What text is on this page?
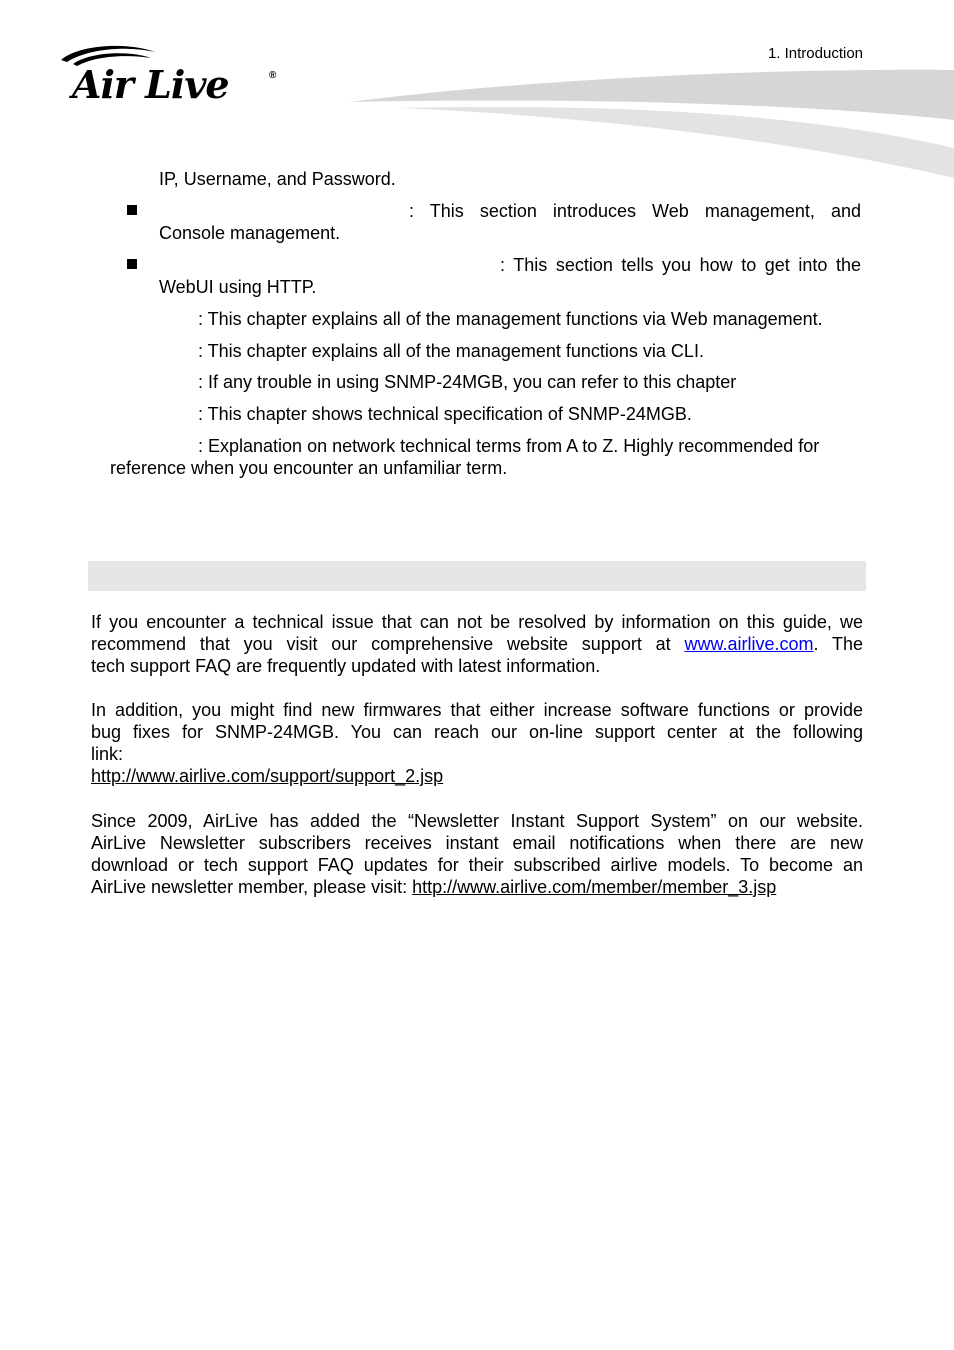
1. Introduction
Air Live	®
IP, Username, and Password.
: This section introduces Web management, and
Console management.
: This section tells you how to get into the
WebUI using HTTP.
: This chapter explains all of the management functions via Web management.
: This chapter explains all of the management functions via CLI.
: If any trouble in using SNMP-24MGB, you can refer to this chapter
: This chapter shows technical specification of SNMP-24MGB.
: Explanation on network technical terms from A to Z. Highly recommended for
reference when you encounter an unfamiliar term.
If you encounter a technical issue that can not be resolved by information on this guide, we
recommend that you visit our comprehensive website support at www.airlive.com. The
tech support FAQ are frequently updated with latest information.
In addition, you might find new firmwares that either increase software functions or provide
bug fixes for SNMP-24MGB. You can reach our on-line support center at the following
link:
http://www.airlive.com/support/support_2.jsp
Since 2009, AirLive has added the “Newsletter Instant Support System” on our website.
AirLive Newsletter subscribers receives instant email notifications when there are new
download or tech support FAQ updates for their subscribed airlive models. To become an
AirLive newsletter member, please visit: http://www.airlive.com/member/member_3.jsp
